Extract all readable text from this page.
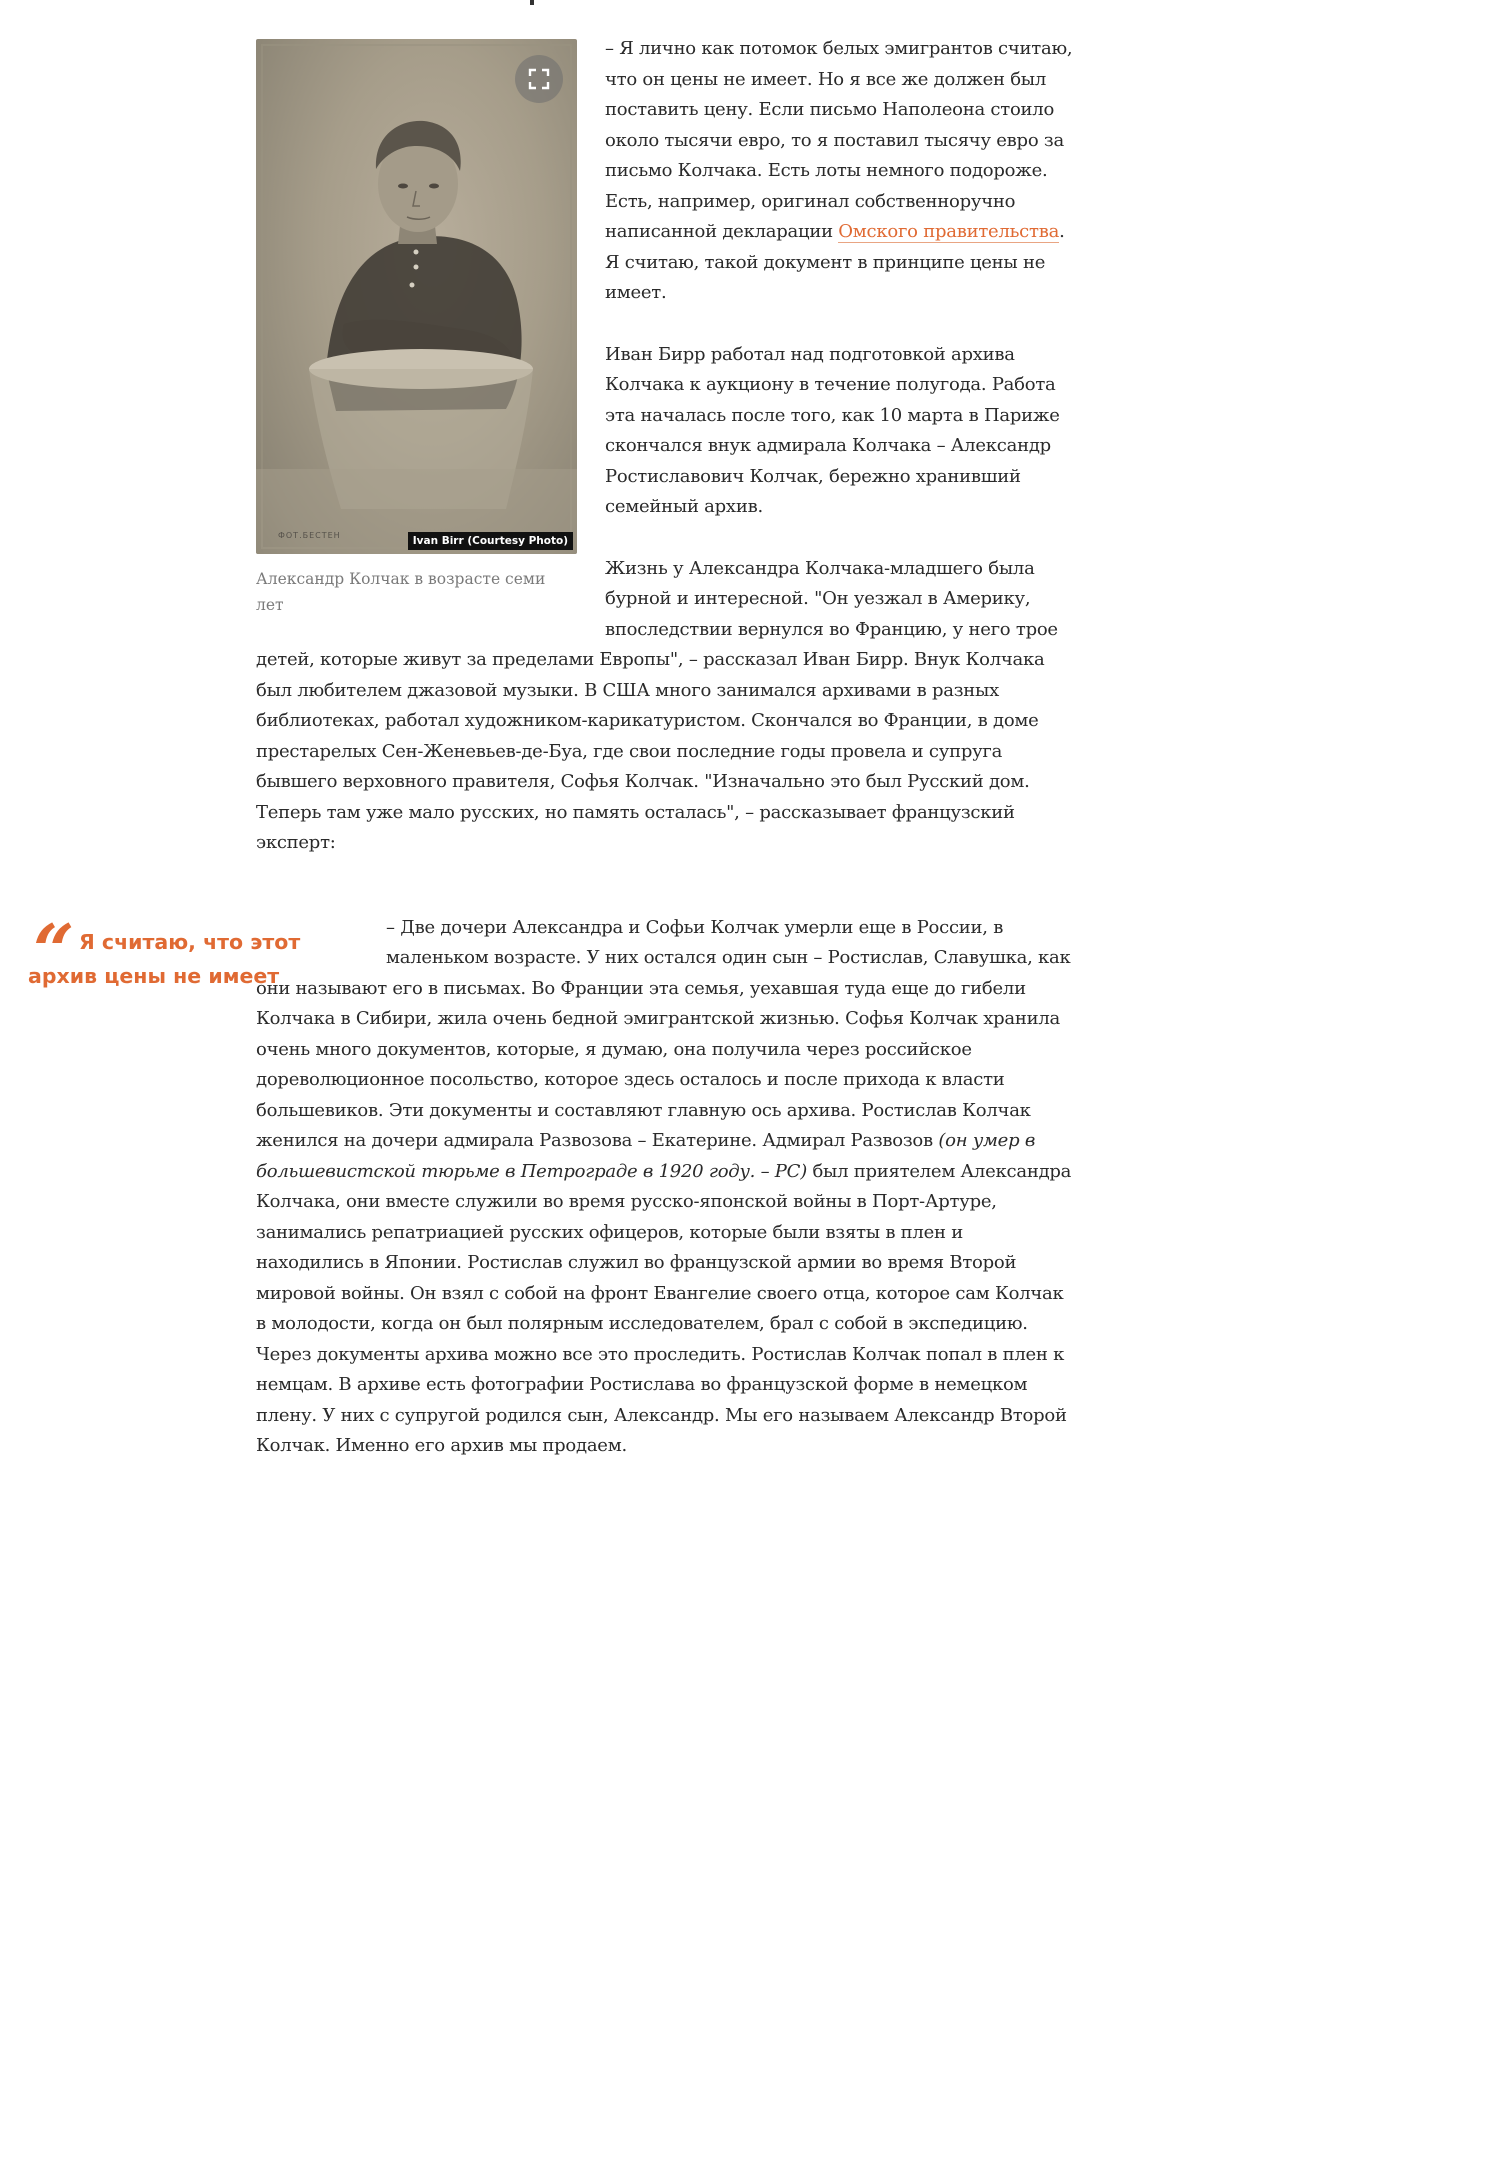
ФОТ.БЕСТЕН	Ivan Birr (Courtesy Photo)
Александр Колчак в возрасте семи лет

– Я лично как потомок белых эмигрантов считаю, что он цены не имеет. Но я все же должен был поставить цену. Если письмо Наполеона стоило около тысячи евро, то я поставил тысячу евро за письмо Колчака. Есть лоты немного подороже. Есть, например, оригинал собственноручно написанной декларации Омского правительства. Я считаю, такой документ в принципе цены не имеет.

Иван Бирр работал над подготовкой архива Колчака к аукциону в течение полугода. Работа эта началась после того, как 10 марта в Париже скончался внук адмирала Колчака – Александр Ростиславович Колчак, бережно хранивший семейный архив.

Жизнь у Александра Колчака-младшего была бурной и интересной. "Он уезжал в Америку, впоследствии вернулся во Францию, у него трое детей, которые живут за пределами Европы", – рассказал Иван Бирр. Внук Колчака был любителем джазовой музыки. В США много занимался архивами в разных библиотеках, работал художником-карикатуристом. Скончался во Франции, в доме престарелых Сен-Женевьев-де-Буа, где свои последние годы провела и супруга бывшего верховного правителя, Софья Колчак. "Изначально это был Русский дом. Теперь там уже мало русских, но память осталась", – рассказывает французский эксперт:

– Две дочери Александра и Софьи Колчак умерли еще в России, в маленьком возрасте. У них остался один сын – Ростислав, Славушка, как они называют его в письмах. Во Франции эта семья, уехавшая туда еще до гибели Колчака в Сибири, жила очень бедной эмигрантской жизнью. Софья Колчак хранила очень много документов, которые, я думаю, она получила через российское дореволюционное посольство, которое здесь осталось и после прихода к власти большевиков. Эти документы и составляют главную ось архива. Ростислав Колчак женился на дочери адмирала Развозова – Екатерине. Адмирал Развозов (он умер в большевистской тюрьме в Петрограде в 1920 году. – РС) был приятелем Александра Колчака, они вместе служили во время русско-японской войны в Порт-Артуре, занимались репатриацией русских офицеров, которые были взяты в плен и находились в Японии. Ростислав служил во французской армии во время Второй мировой войны. Он взял с собой на фронт Евангелие своего отца, которое сам Колчак в молодости, когда он был полярным исследователем, брал с собой в экспедицию. Через документы архива можно все это проследить. Ростислав Колчак попал в плен к немцам. В архиве есть фотографии Ростислава во французской форме в немецком плену. У них с супругой родился сын, Александр. Мы его называем Александр Второй Колчак. Именно его архив мы продаем.

“ Я считаю, что этот архив цены не имеет
